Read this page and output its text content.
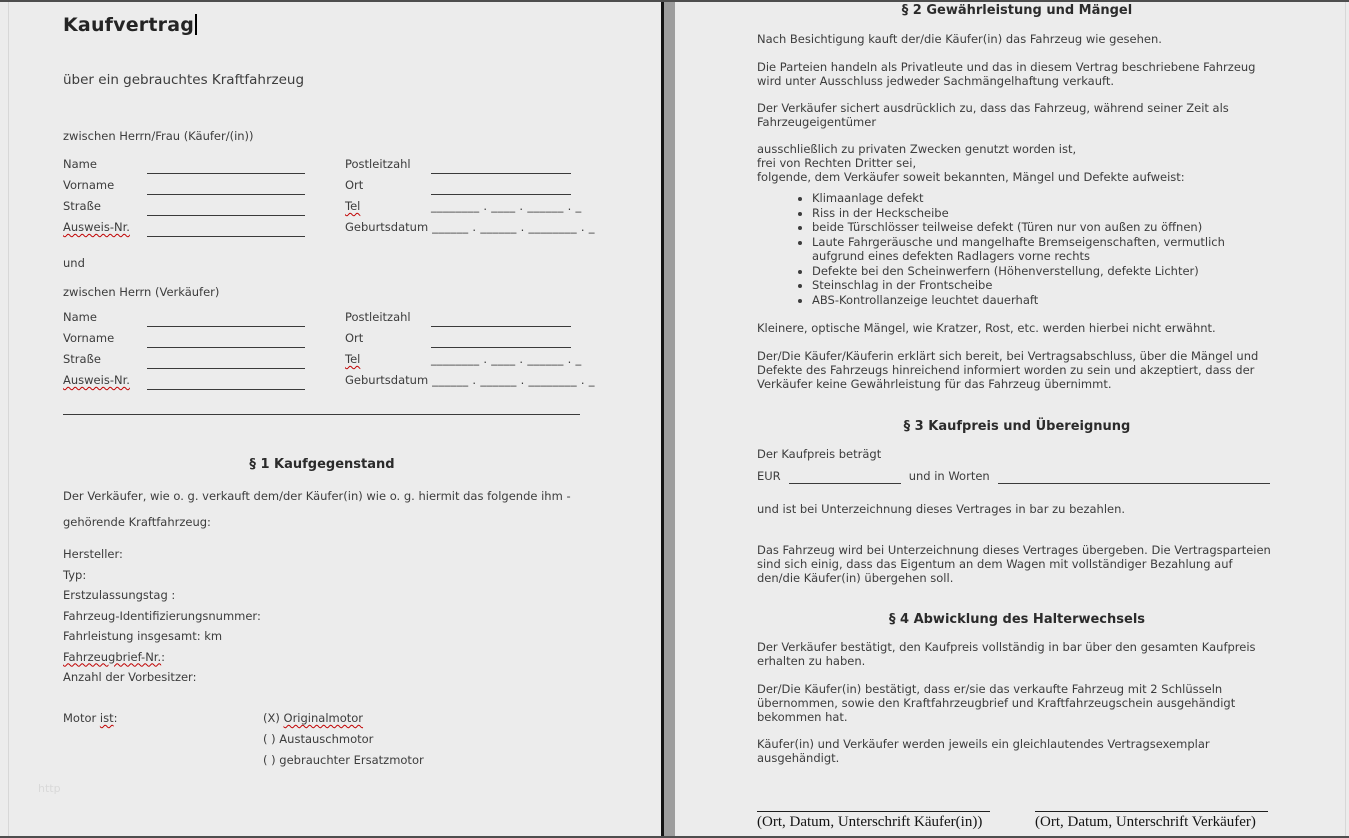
Kaufvertrag
über ein gebrauchtes Kraftfahrzeug
zwischen Herrn/Frau (Käufer/(in))
Name	Postleitzahl
Vorname	Ort
Straße	Tel	________ . ____ . ______ . _
Ausweis-Nr.	Geburtsdatum ______ . ______ . ________ . _
und
zwischen Herrn (Verkäufer)
Name	Postleitzahl
Vorname	Ort
Straße	Tel	________ . ____ . ______ . _
Ausweis-Nr.	Geburtsdatum ______ . ______ . ________ . _
§ 1 Kaufgegenstand
Der Verkäufer, wie o. g. verkauft dem/der Käufer(in) wie o. g. hiermit das folgende ihm -
gehörende Kraftfahrzeug:
Hersteller:
Typ:
Erstzulassungstag :
Fahrzeug-Identifizierungsnummer:
Fahrleistung insgesamt: km
Fahrzeugbrief-Nr.:
Anzahl der Vorbesitzer:
Motor ist:	(X) Originalmotor
( ) Austauschmotor
( ) gebrauchter Ersatzmotor
http
§ 2 Gewährleistung und Mängel
Nach Besichtigung kauft der/die Käufer(in) das Fahrzeug wie gesehen.
Die Parteien handeln als Privatleute und das in diesem Vertrag beschriebene Fahrzeug wird unter Ausschluss jedweder Sachmängelhaftung verkauft.
Der Verkäufer sichert ausdrücklich zu, dass das Fahrzeug, während seiner Zeit als Fahrzeugeigentümer
ausschließlich zu privaten Zwecken genutzt worden ist,
frei von Rechten Dritter sei,
folgende, dem Verkäufer soweit bekannten, Mängel und Defekte aufweist:
• Klimaanlage defekt
• Riss in der Heckscheibe
• beide Türschlösser teilweise defekt (Türen nur von außen zu öffnen)
• Laute Fahrgeräusche und mangelhafte Bremseigenschaften, vermutlich aufgrund eines defekten Radlagers vorne rechts
• Defekte bei den Scheinwerfern (Höhenverstellung, defekte Lichter)
• Steinschlag in der Frontscheibe
• ABS-Kontrollanzeige leuchtet dauerhaft
Kleinere, optische Mängel, wie Kratzer, Rost, etc. werden hierbei nicht erwähnt.
Der/Die Käufer/Käuferin erklärt sich bereit, bei Vertragsabschluss, über die Mängel und Defekte des Fahrzeugs hinreichend informiert worden zu sein und akzeptiert, dass der Verkäufer keine Gewährleistung für das Fahrzeug übernimmt.
§ 3 Kaufpreis und Übereignung
Der Kaufpreis beträgt
EUR	und in Worten
und ist bei Unterzeichnung dieses Vertrages in bar zu bezahlen.
Das Fahrzeug wird bei Unterzeichnung dieses Vertrages übergeben. Die Vertragsparteien sind sich einig, dass das Eigentum an dem Wagen mit vollständiger Bezahlung auf den/die Käufer(in) übergehen soll.
§ 4 Abwicklung des Halterwechsels
Der Verkäufer bestätigt, den Kaufpreis vollständig in bar über den gesamten Kaufpreis erhalten zu haben.
Der/Die Käufer(in) bestätigt, dass er/sie das verkaufte Fahrzeug mit 2 Schlüsseln übernommen, sowie den Kraftfahrzeugbrief und Kraftfahrzeugschein ausgehändigt bekommen hat.
Käufer(in) und Verkäufer werden jeweils ein gleichlautendes Vertragsexemplar ausgehändigt.
(Ort, Datum, Unterschrift Käufer(in))	(Ort, Datum, Unterschrift Verkäufer)
